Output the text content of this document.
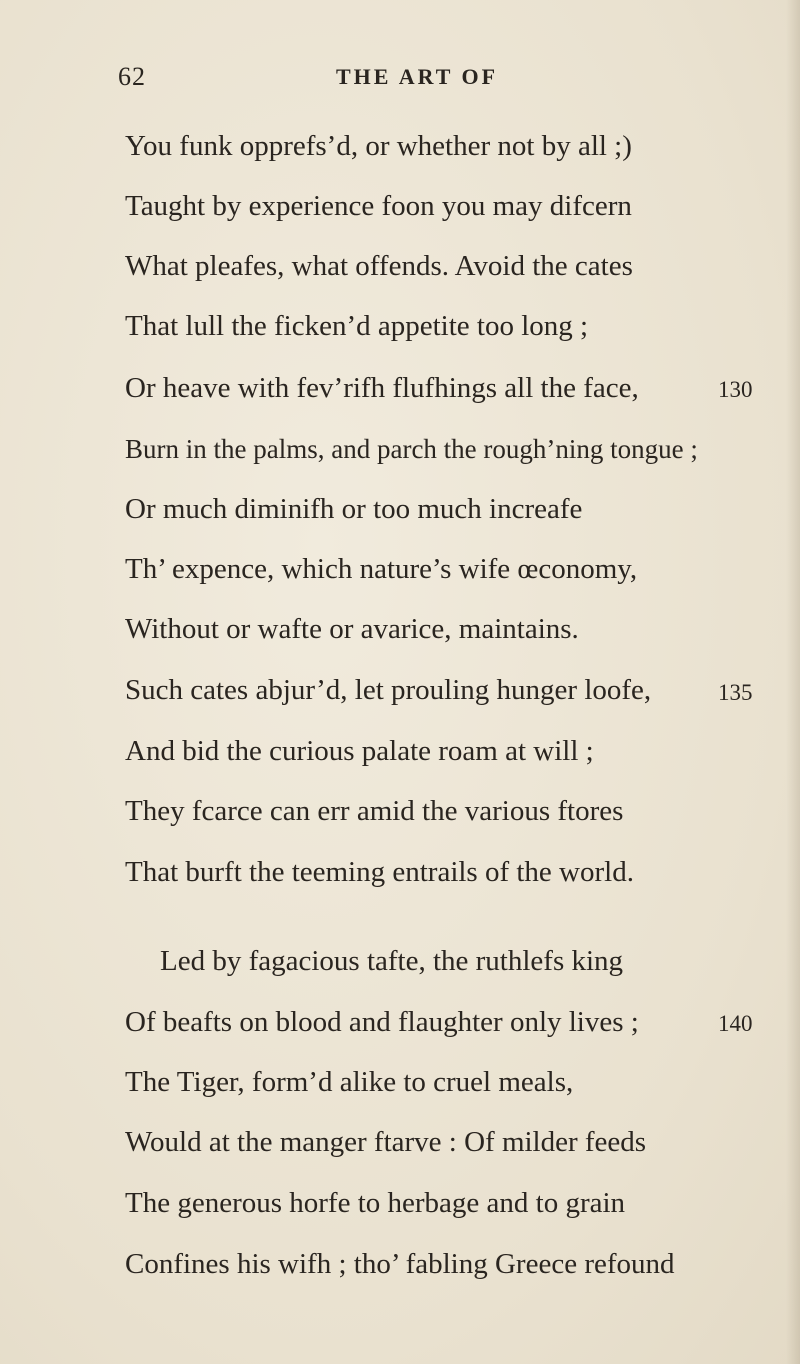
62	THE ART OF
You funk opprefs’d, or whether not by all ;)
Taught by experience foon you may difcern
What pleafes, what offends. Avoid the cates
That lull the ficken’d appetite too long ;
Or heave with fev’rifh flufhings all the face,	130
Burn in the palms, and parch the rough’ning tongue ;
Or much diminifh or too much increafe
Th’ expence, which nature’s wife œconomy,
Without or wafte or avarice, maintains.
Such cates abjur’d, let prouling hunger loofe,	135
And bid the curious palate roam at will ;
They fcarce can err amid the various ftores
That burft the teeming entrails of the world.
Led by fagacious tafte, the ruthlefs king
Of beafts on blood and flaughter only lives ;	140
The Tiger, form’d alike to cruel meals,
Would at the manger ftarve : Of milder feeds
The generous horfe to herbage and to grain
Confines his wifh ; tho’ fabling Greece refound
